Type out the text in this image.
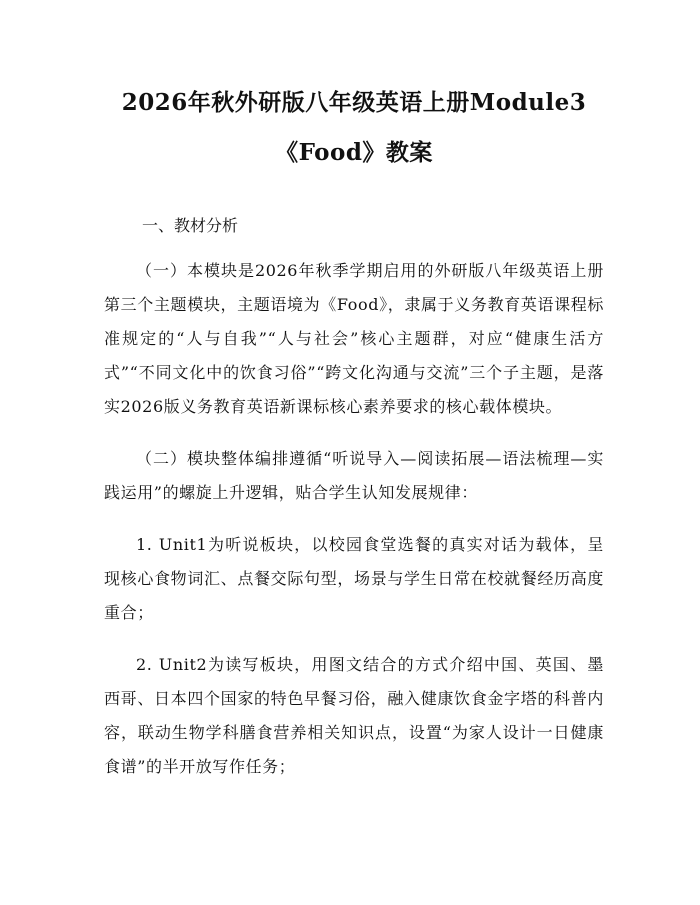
2026年秋外研版八年级英语上册Module3
《Food》教案
一、教材分析

（一）本模块是2026年秋季学期启用的外研版八年级英语上册第三个主题模块，主题语境为《Food》，隶属于义务教育英语课程标准规定的“人与自我”“人与社会”核心主题群，对应“健康生活方式”“不同文化中的饮食习俗”“跨文化沟通与交流”三个子主题，是落实2026版义务教育英语新课标核心素养要求的核心载体模块。

（二）模块整体编排遵循“听说导入—阅读拓展—语法梳理—实践运用”的螺旋上升逻辑，贴合学生认知发展规律：

1. Unit1为听说板块，以校园食堂选餐的真实对话为载体，呈现核心食物词汇、点餐交际句型，场景与学生日常在校就餐经历高度重合；

2. Unit2为读写板块，用图文结合的方式介绍中国、英国、墨西哥、日本四个国家的特色早餐习俗，融入健康饮食金字塔的科普内容，联动生物学科膳食营养相关知识点，设置“为家人设计一日健康食谱”的半开放写作任务；
